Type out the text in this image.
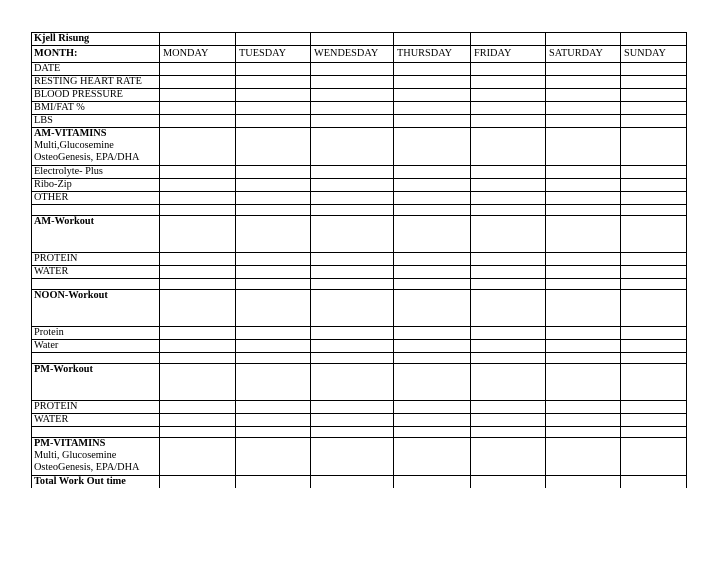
Kjell Risung							
MONTH:	MONDAY	TUESDAY	WENDESDAY	THURSDAY	FRIDAY	SATURDAY	SUNDAY
DATE							
RESTING HEART RATE							
BLOOD PRESSURE							
BMI/FAT %							
LBS							

AM-VITAMINS
Multi,Glucosemine
OsteoGenesis, EPA/DHA							

Electrolyte- Plus							
Ribo-Zip							
OTHER							

AM-Workout							

PROTEIN							
WATER							

NOON-Workout							

Protein							
Water							

PM-Workout							

PROTEIN							
WATER							

PM-VITAMINS
Multi, Glucosemine
OsteoGenesis, EPA/DHA							

Total Work Out time							
